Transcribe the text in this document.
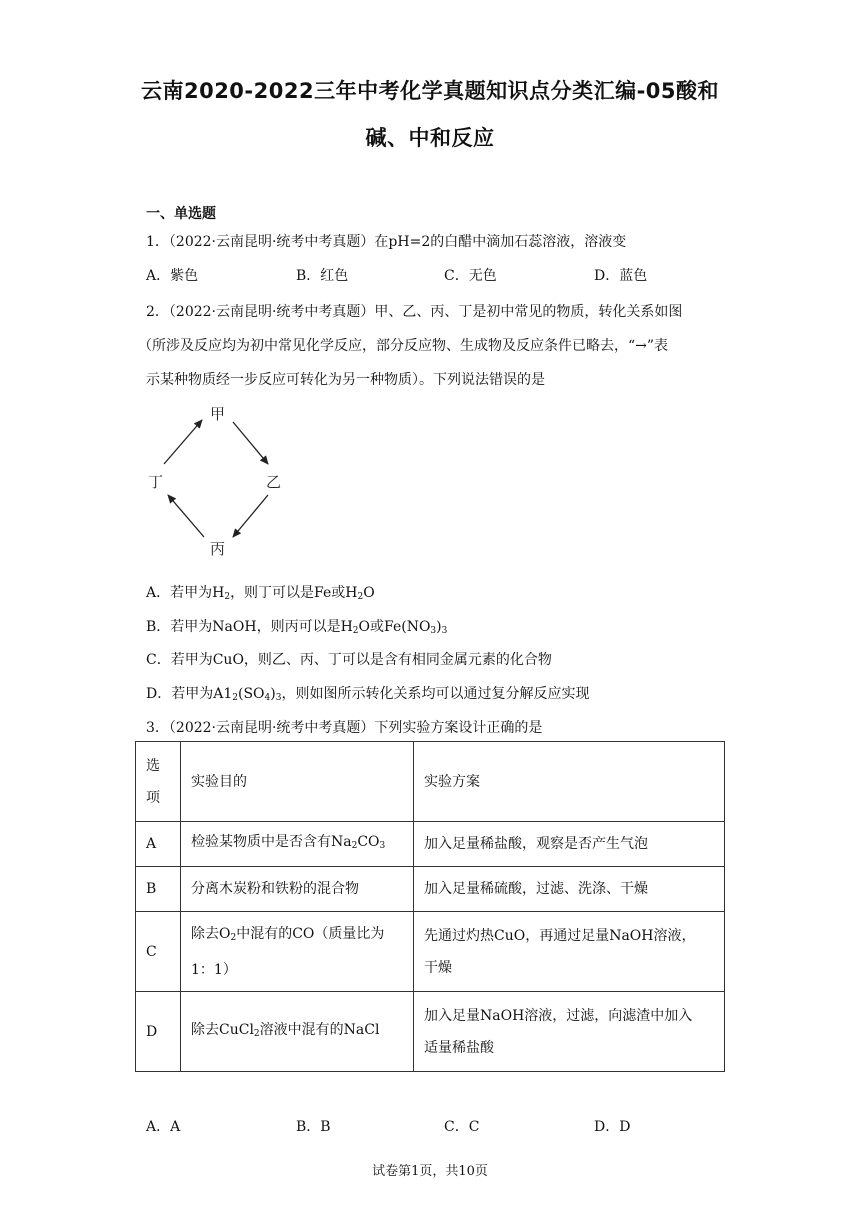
云南2020-2022三年中考化学真题知识点分类汇编-05酸和
碱、中和反应
一、单选题
1．（2022·云南昆明·统考中考真题）在pH=2的白醋中滴加石蕊溶液，溶液变
A．紫色	B．红色	C．无色	D．蓝色
2．（2022·云南昆明·统考中考真题）甲、乙、丙、丁是初中常见的物质，转化关系如图
（所涉及反应均为初中常见化学反应，部分反应物、生成物及反应条件已略去，“→”表
示某种物质经一步反应可转化为另一种物质）。下列说法错误的是
甲
乙
丙
丁
A．若甲为$H_2$，则丁可以是Fe或$H_2O$
B．若甲为NaOH，则丙可以是$H_2O$或$Fe(NO_3)_3$
C．若甲为CuO，则乙、丙、丁可以是含有相同金属元素的化合物
D．若甲为$A1_2(SO_4)_3$，则如图所示转化关系均可以通过复分解反应实现
3．（2022·云南昆明·统考中考真题）下列实验方案设计正确的是
选
项	实验目的	实验方案
A	检验某物质中是否含有$Na_2CO_3$	加入足量稀盐酸，观察是否产生气泡
B	分离木炭粉和铁粉的混合物	加入足量稀硫酸，过滤、洗涤、干燥
C	除去$O_2$中混有的CO（质量比为
1：1）	先通过灼热CuO，再通过足量NaOH溶液，
干燥
D	除去CuCl$_2$溶液中混有的NaCl	加入足量NaOH溶液，过滤，向滤渣中加入
适量稀盐酸
A．A	B．B	C．C	D．D
试卷第1页，共10页
